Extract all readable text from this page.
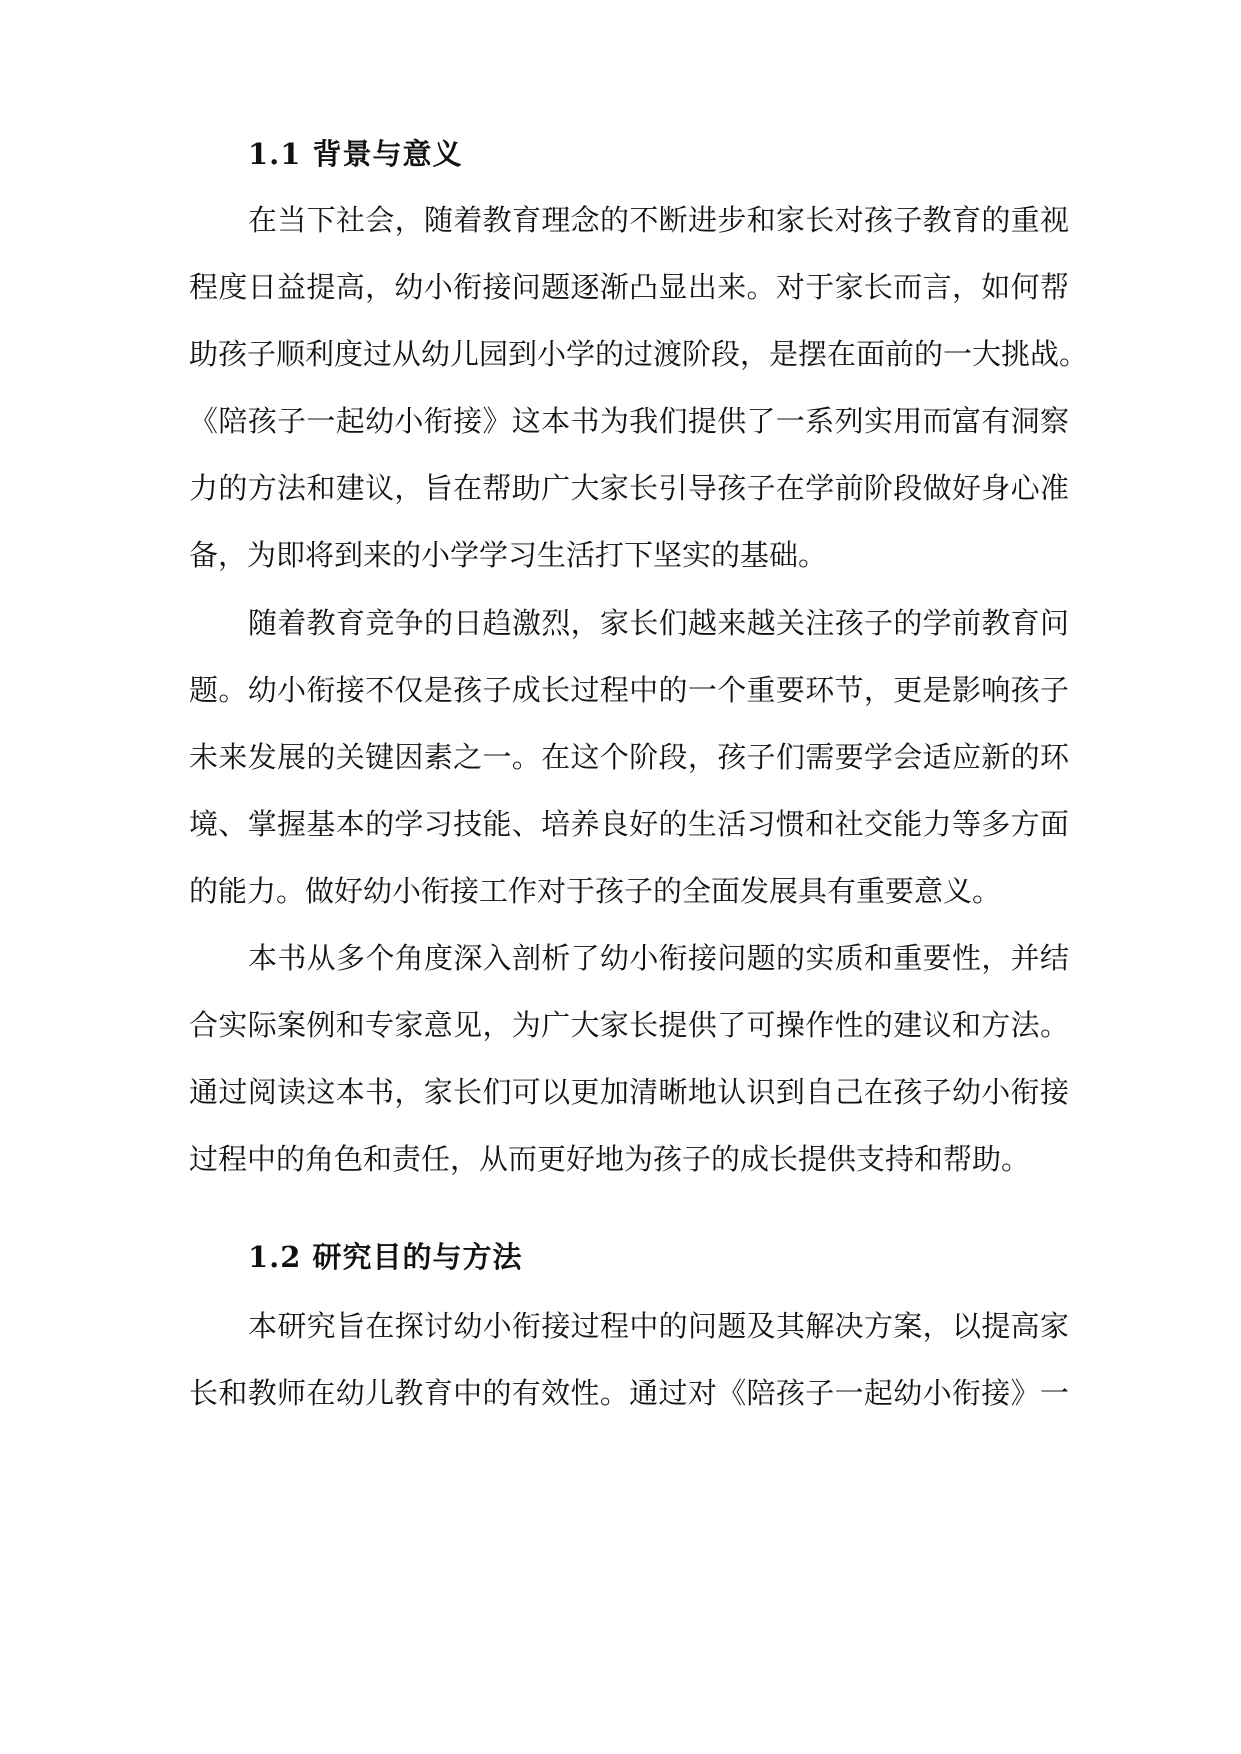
1.1 背景与意义
在当下社会，随着教育理念的不断进步和家长对孩子教育的重视
程度日益提高，幼小衔接问题逐渐凸显出来。对于家长而言，如何帮
助孩子顺利度过从幼儿园到小学的过渡阶段，是摆在面前的一大挑战。
《陪孩子一起幼小衔接》这本书为我们提供了一系列实用而富有洞察
力的方法和建议，旨在帮助广大家长引导孩子在学前阶段做好身心准
备，为即将到来的小学学习生活打下坚实的基础。
随着教育竞争的日趋激烈，家长们越来越关注孩子的学前教育问
题。幼小衔接不仅是孩子成长过程中的一个重要环节，更是影响孩子
未来发展的关键因素之一。在这个阶段，孩子们需要学会适应新的环
境、掌握基本的学习技能、培养良好的生活习惯和社交能力等多方面
的能力。做好幼小衔接工作对于孩子的全面发展具有重要意义。
本书从多个角度深入剖析了幼小衔接问题的实质和重要性，并结
合实际案例和专家意见，为广大家长提供了可操作性的建议和方法。
通过阅读这本书，家长们可以更加清晰地认识到自己在孩子幼小衔接
过程中的角色和责任，从而更好地为孩子的成长提供支持和帮助。
1.2 研究目的与方法
本研究旨在探讨幼小衔接过程中的问题及其解决方案，以提高家
长和教师在幼儿教育中的有效性。通过对《陪孩子一起幼小衔接》一
